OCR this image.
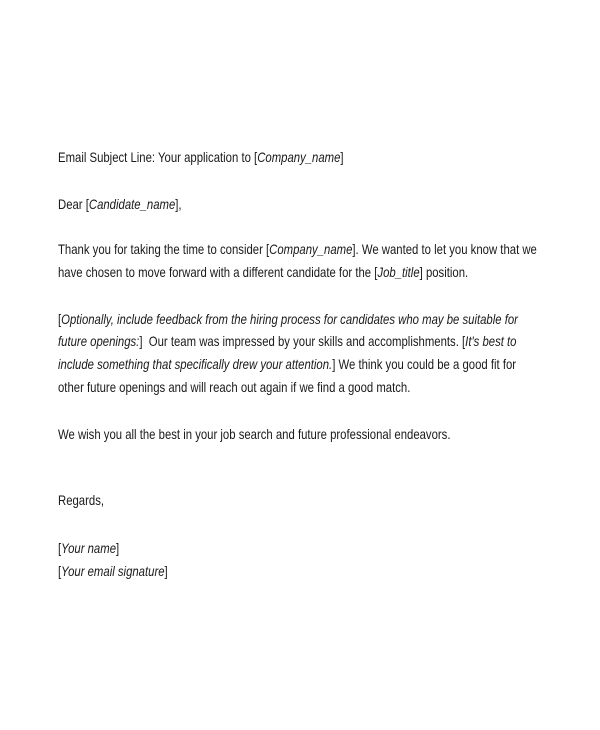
Email Subject Line: Your application to [Company_name]
Dear [Candidate_name],
Thank you for taking the time to consider [Company_name]. We wanted to let you know that we
have chosen to move forward with a different candidate for the [Job_title] position.
[Optionally, include feedback from the hiring process for candidates who may be suitable for
future openings:]  Our team was impressed by your skills and accomplishments. [It's best to
include something that specifically drew your attention.] We think you could be a good fit for
other future openings and will reach out again if we find a good match.
We wish you all the best in your job search and future professional endeavors.
Regards,
[Your name]
[Your email signature]
